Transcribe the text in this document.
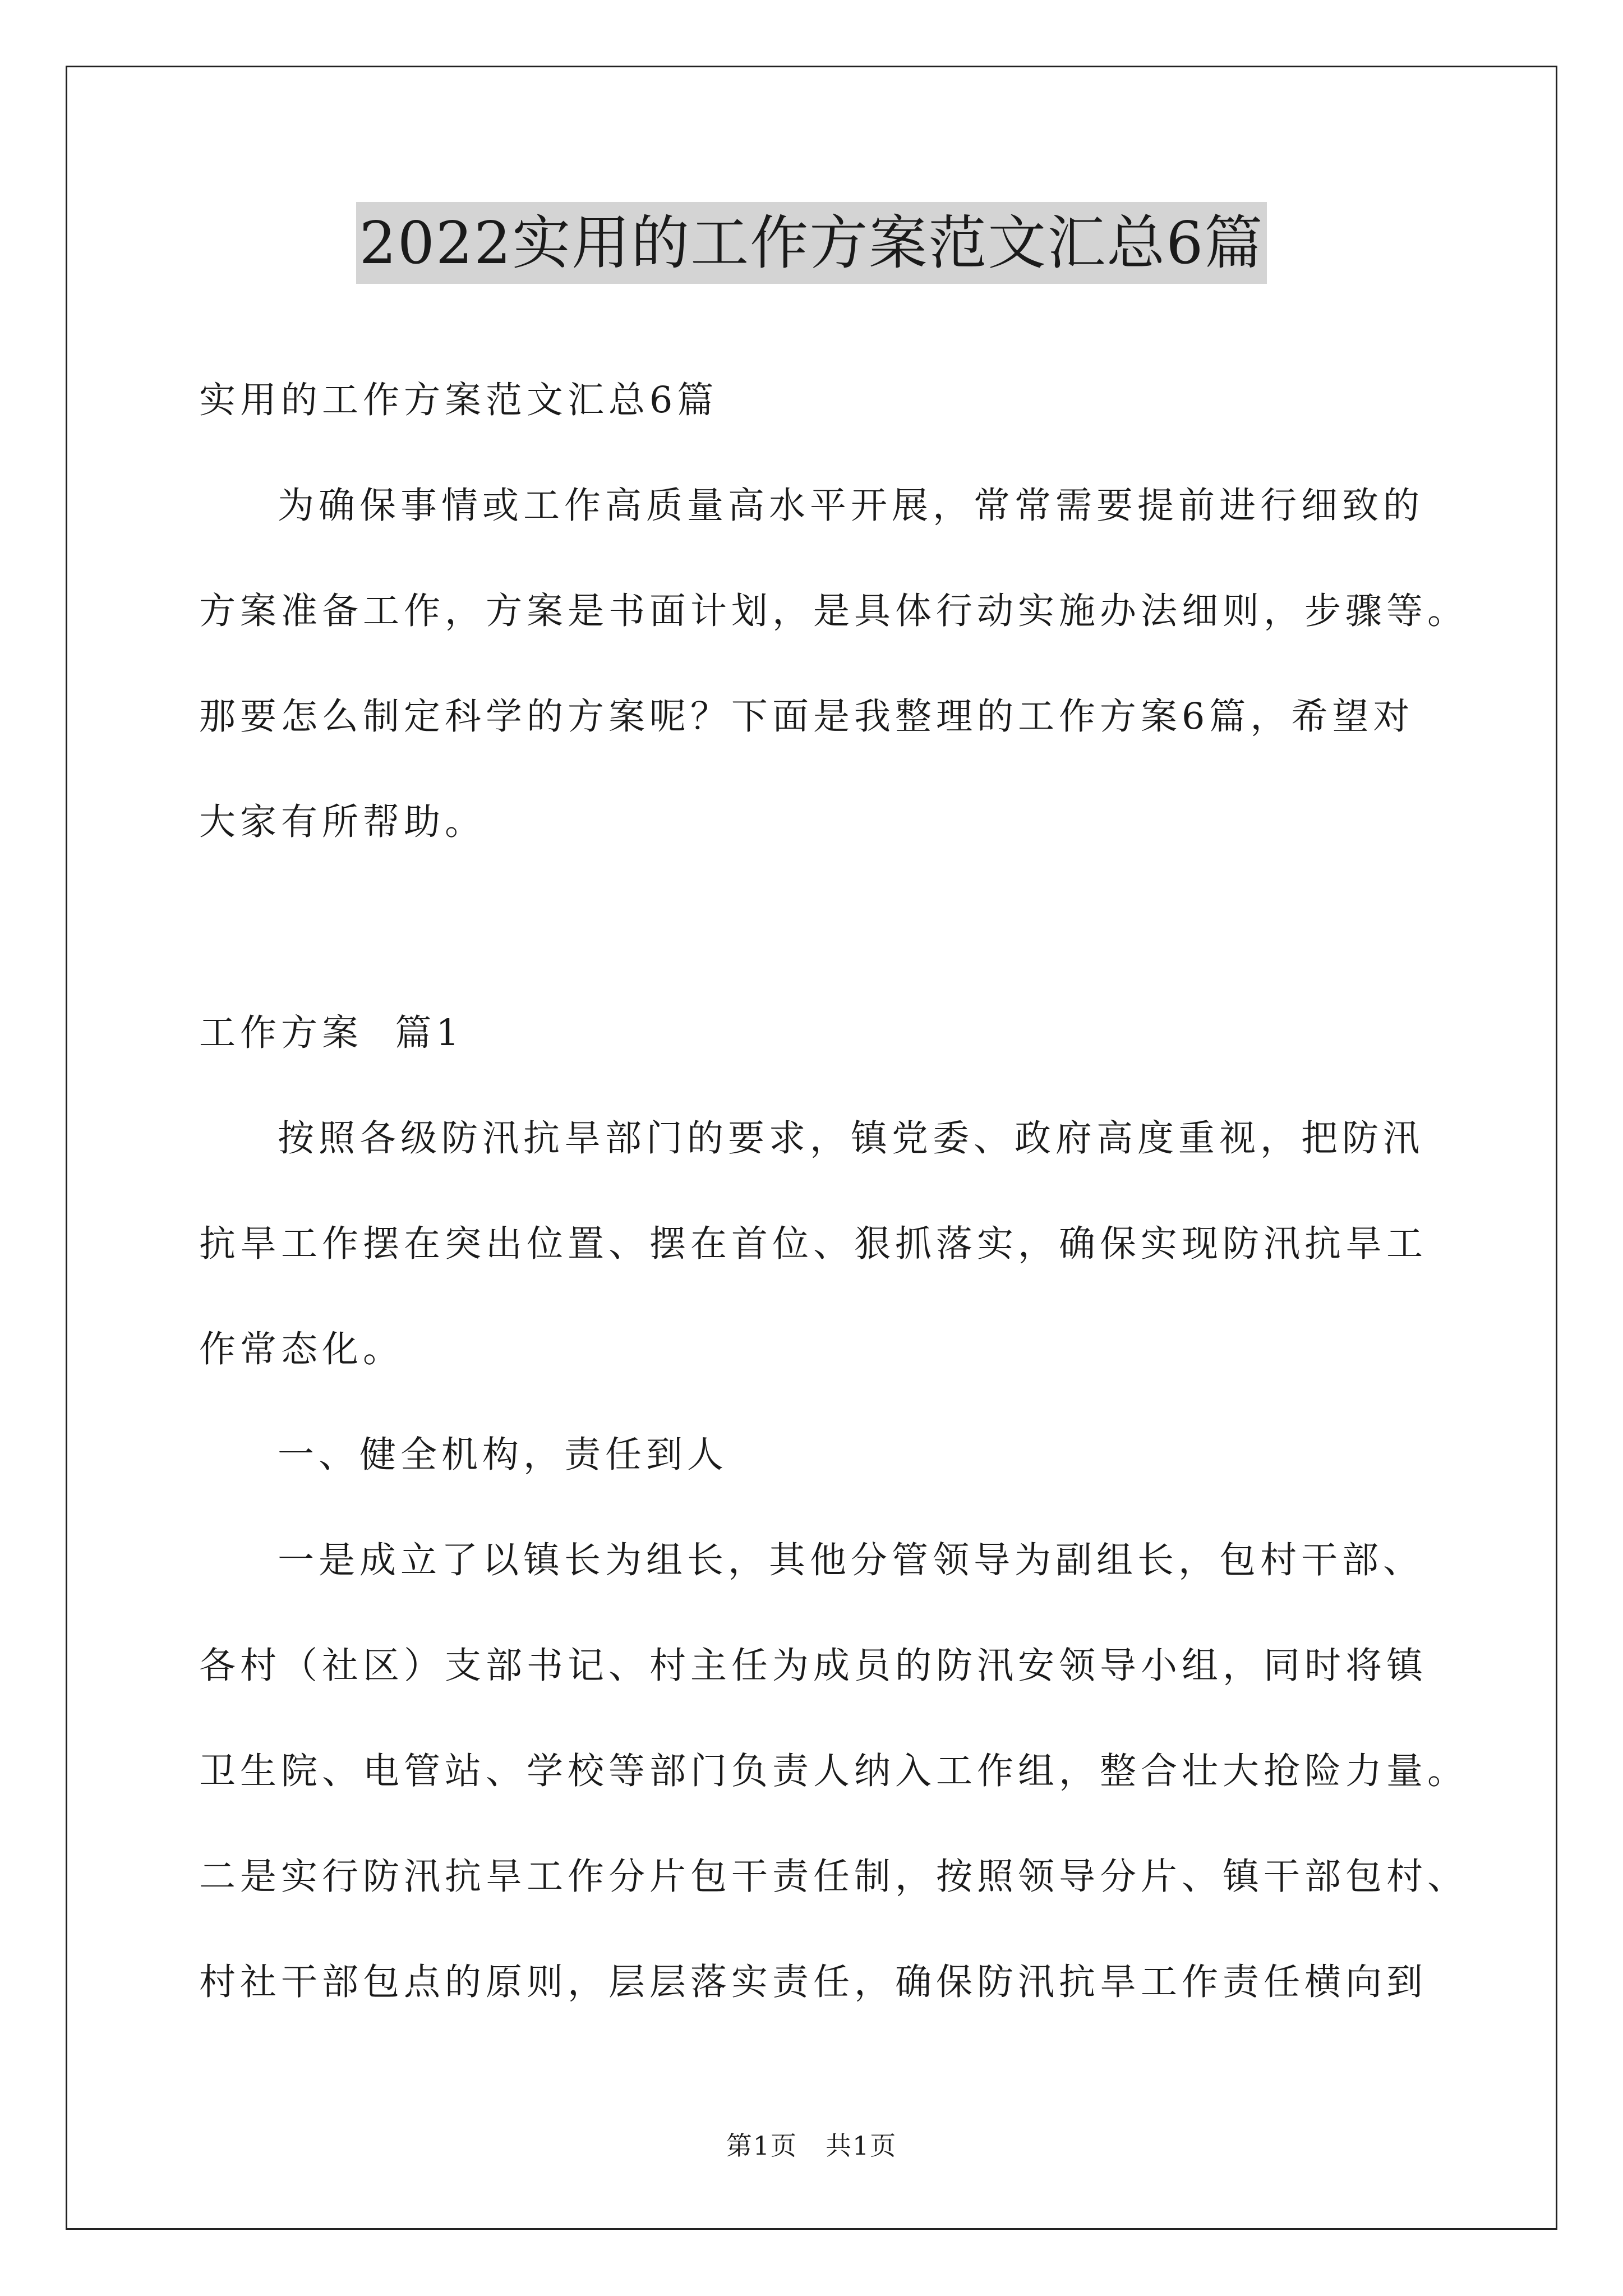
2022实用的工作方案范文汇总6篇

实用的工作方案范文汇总6篇

为确保事情或工作高质量高水平开展，常常需要提前进行细致的

方案准备工作，方案是书面计划，是具体行动实施办法细则，步骤等。

那要怎么制定科学的方案呢？下面是我整理的工作方案6篇，希望对

大家有所帮助。

工作方案  篇1

按照各级防汛抗旱部门的要求，镇党委、政府高度重视，把防汛

抗旱工作摆在突出位置、摆在首位、狠抓落实，确保实现防汛抗旱工

作常态化。

一、健全机构，责任到人

一是成立了以镇长为组长，其他分管领导为副组长，包村干部、

各村（社区）支部书记、村主任为成员的防汛安领导小组，同时将镇

卫生院、电管站、学校等部门负责人纳入工作组，整合壮大抢险力量。

二是实行防汛抗旱工作分片包干责任制，按照领导分片、镇干部包村、

村社干部包点的原则，层层落实责任，确保防汛抗旱工作责任横向到

第1页 共1页
